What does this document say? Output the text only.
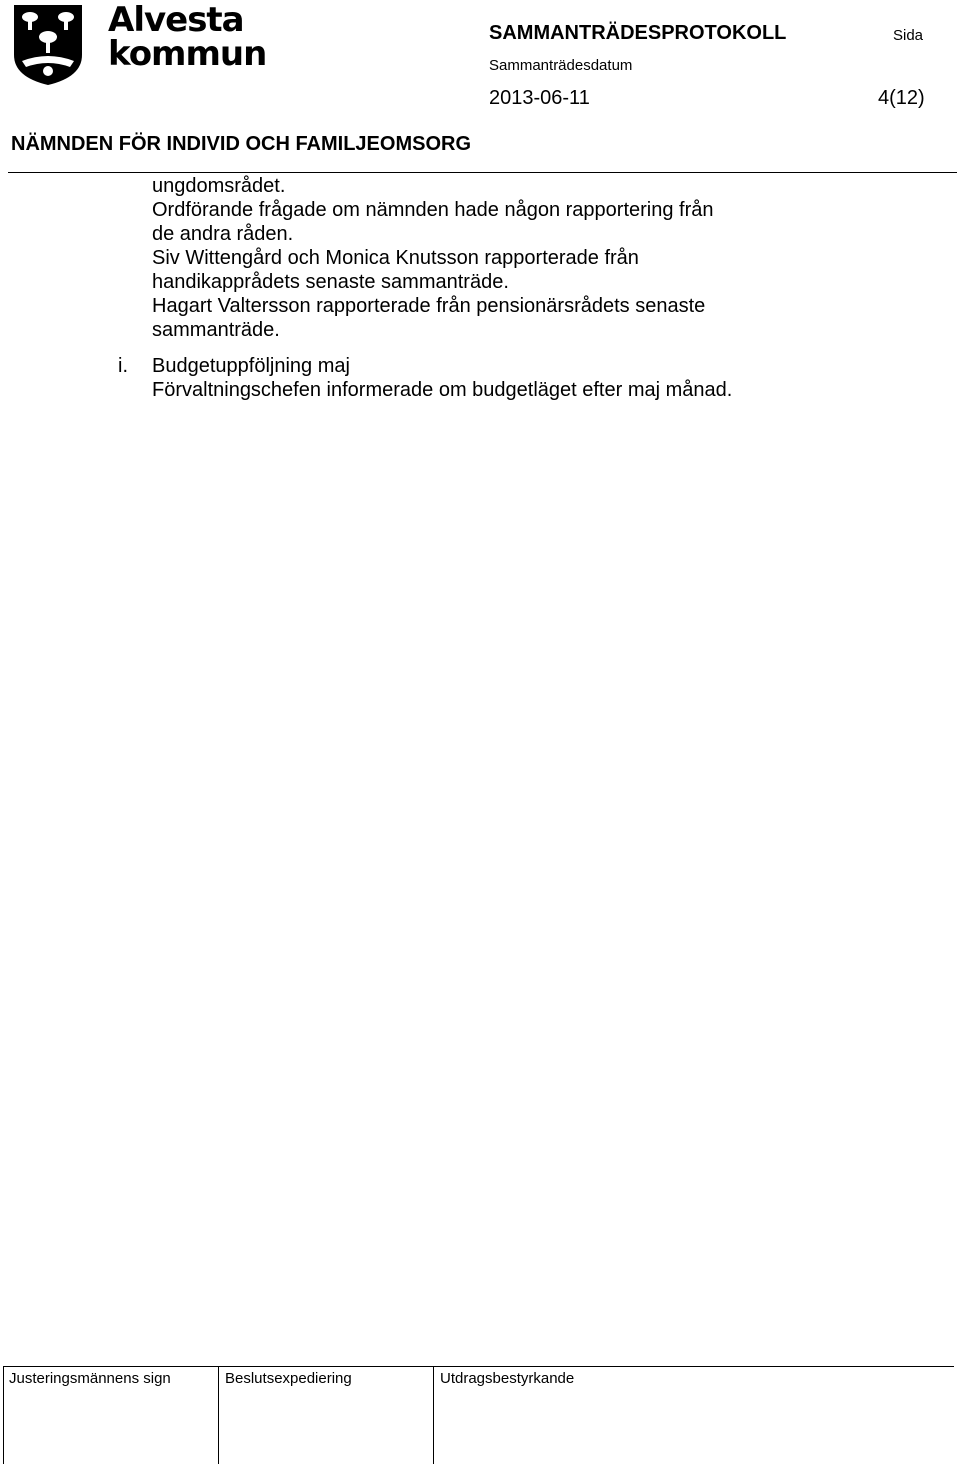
Alvesta
kommun
SAMMANTRÄDESPROTOKOLL	Sida
Sammanträdesdatum
2013-06-11	4(12)
NÄMNDEN FÖR INDIVID OCH FAMILJEOMSORG

ungdomsrådet.

Ordförande frågade om nämnden hade någon rapportering från

de andra råden.

Siv Wittengård och Monica Knutsson rapporterade från

handikapprådets senaste sammanträde.

Hagart Valtersson rapporterade från pensionärsrådets senaste

sammanträde.

i. Budgetuppföljning maj

Förvaltningschefen informerade om budgetläget efter maj månad.

Justeringsmännens sign	Beslutsexpediering	Utdragsbestyrkande
